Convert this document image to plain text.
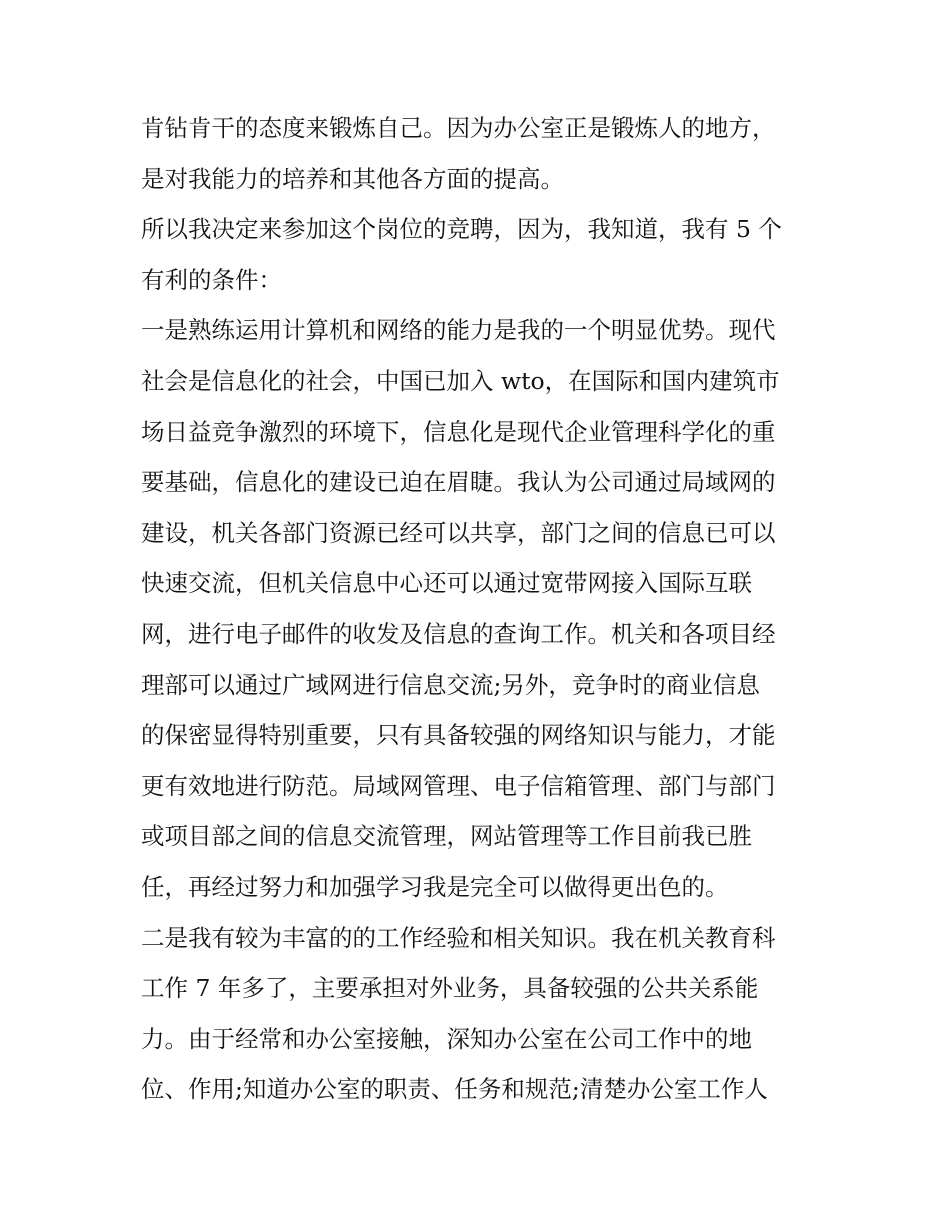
肯钻肯干的态度来锻炼自己。因为办公室正是锻炼人的地方，
是对我能力的培养和其他各方面的提高。
所以我决定来参加这个岗位的竞聘，因为，我知道，我有 5 个
有利的条件：
一是熟练运用计算机和网络的能力是我的一个明显优势。现代
社会是信息化的社会，中国已加入 wto，在国际和国内建筑市
场日益竞争激烈的环境下，信息化是现代企业管理科学化的重
要基础，信息化的建设已迫在眉睫。我认为公司通过局域网的
建设，机关各部门资源已经可以共享，部门之间的信息已可以
快速交流，但机关信息中心还可以通过宽带网接入国际互联
网，进行电子邮件的收发及信息的查询工作。机关和各项目经
理部可以通过广域网进行信息交流;另外，竞争时的商业信息
的保密显得特别重要，只有具备较强的网络知识与能力，才能
更有效地进行防范。局域网管理、电子信箱管理、部门与部门
或项目部之间的信息交流管理，网站管理等工作目前我已胜
任，再经过努力和加强学习我是完全可以做得更出色的。
二是我有较为丰富的的工作经验和相关知识。我在机关教育科
工作 7 年多了，主要承担对外业务，具备较强的公共关系能
力。由于经常和办公室接触，深知办公室在公司工作中的地
位、作用;知道办公室的职责、任务和规范;清楚办公室工作人
